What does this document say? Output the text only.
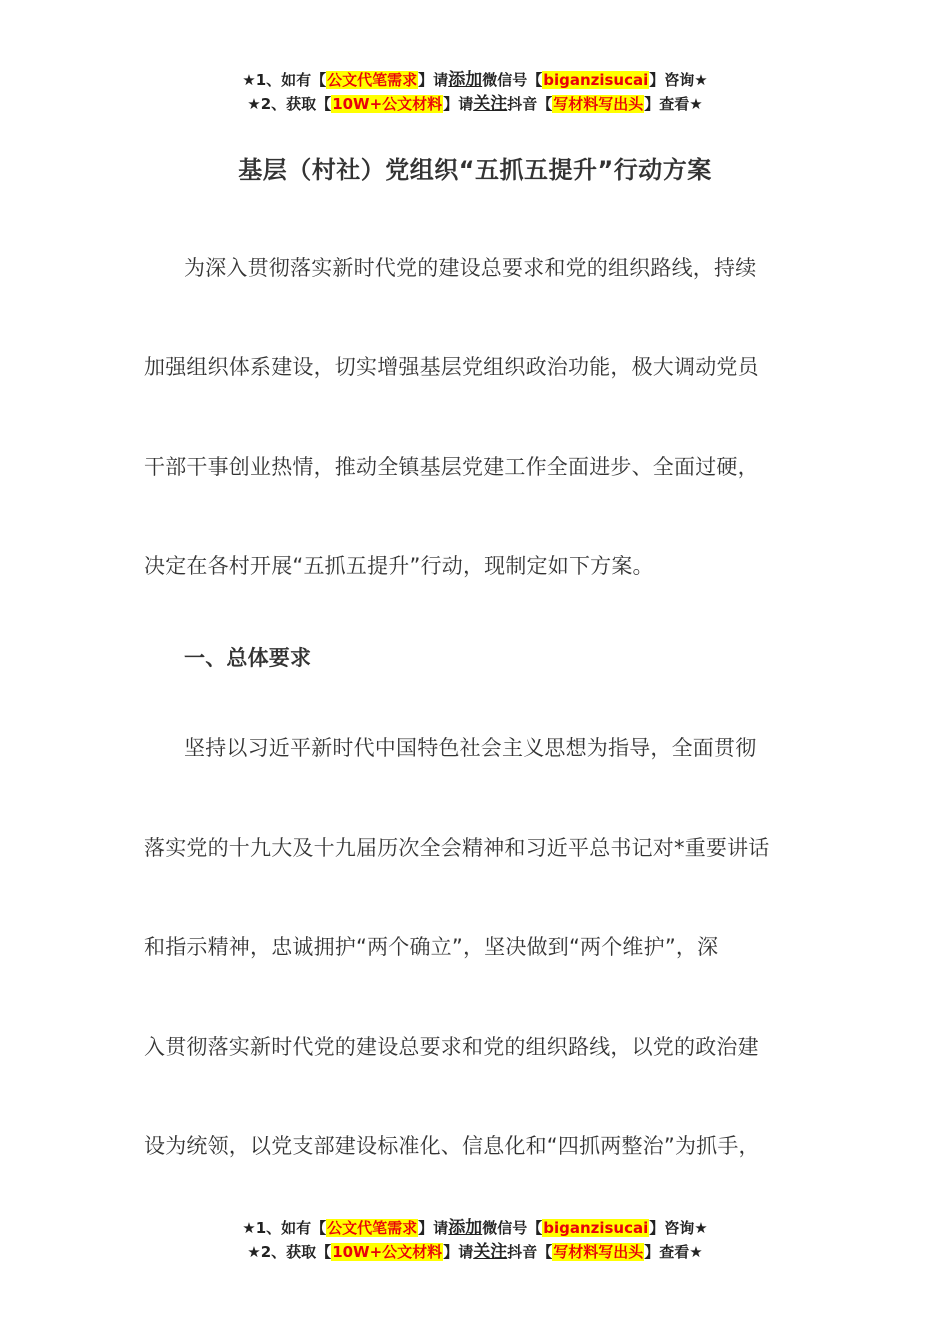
★1、如有【公文代笔需求】请添加微信号【biganzisucai】咨询★
★2、获取【10W+公文材料】请关注抖音【写材料写出头】查看★
基层（村社）党组织“五抓五提升”行动方案
为深入贯彻落实新时代党的建设总要求和党的组织路线，持续
加强组织体系建设，切实增强基层党组织政治功能，极大调动党员
干部干事创业热情，推动全镇基层党建工作全面进步、全面过硬，
决定在各村开展“五抓五提升”行动，现制定如下方案。
一、总体要求
坚持以习近平新时代中国特色社会主义思想为指导，全面贯彻
落实党的十九大及十九届历次全会精神和习近平总书记对*重要讲话
和指示精神，忠诚拥护“两个确立”，坚决做到“两个维护”，深
入贯彻落实新时代党的建设总要求和党的组织路线，以党的政治建
设为统领，以党支部建设标准化、信息化和“四抓两整治”为抓手，
★1、如有【公文代笔需求】请添加微信号【biganzisucai】咨询★
★2、获取【10W+公文材料】请关注抖音【写材料写出头】查看★
